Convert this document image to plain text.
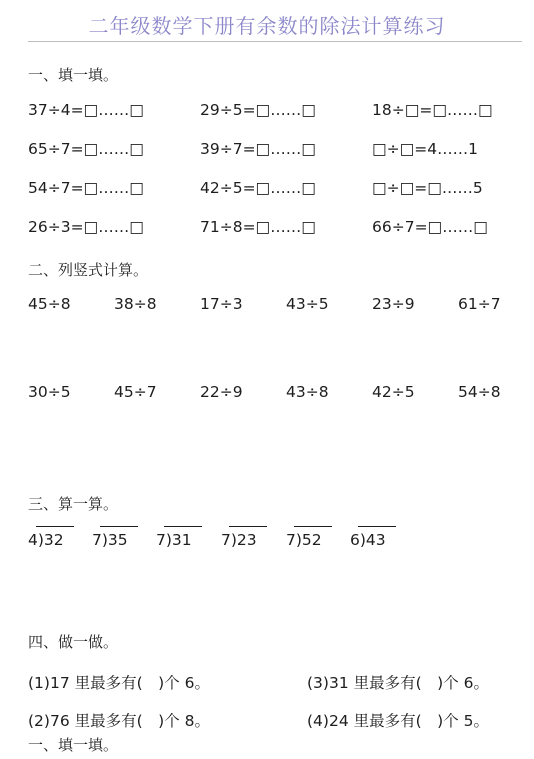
二年级数学下册有余数的除法计算练习
一、填一填。
37÷4=□……□	29÷5=□……□	18÷□=□……□
65÷7=□……□	39÷7=□……□	□÷□=4……1
54÷7=□……□	42÷5=□……□	□÷□=□……5
26÷3=□……□	71÷8=□……□	66÷7=□……□
二、列竖式计算。
45÷8	38÷8	17÷3	43÷5	23÷9	61÷7
30÷5	45÷7	22÷9	43÷8	42÷5	54÷8
三、算一算。
4)32 7)35 7)31 7)23 7)52 6)43
四、做一做。
(1)17 里最多有(　)个 6。	(3)31 里最多有(　)个 6。
(2)76 里最多有(　)个 8。	(4)24 里最多有(　)个 5。
一、填一填。
